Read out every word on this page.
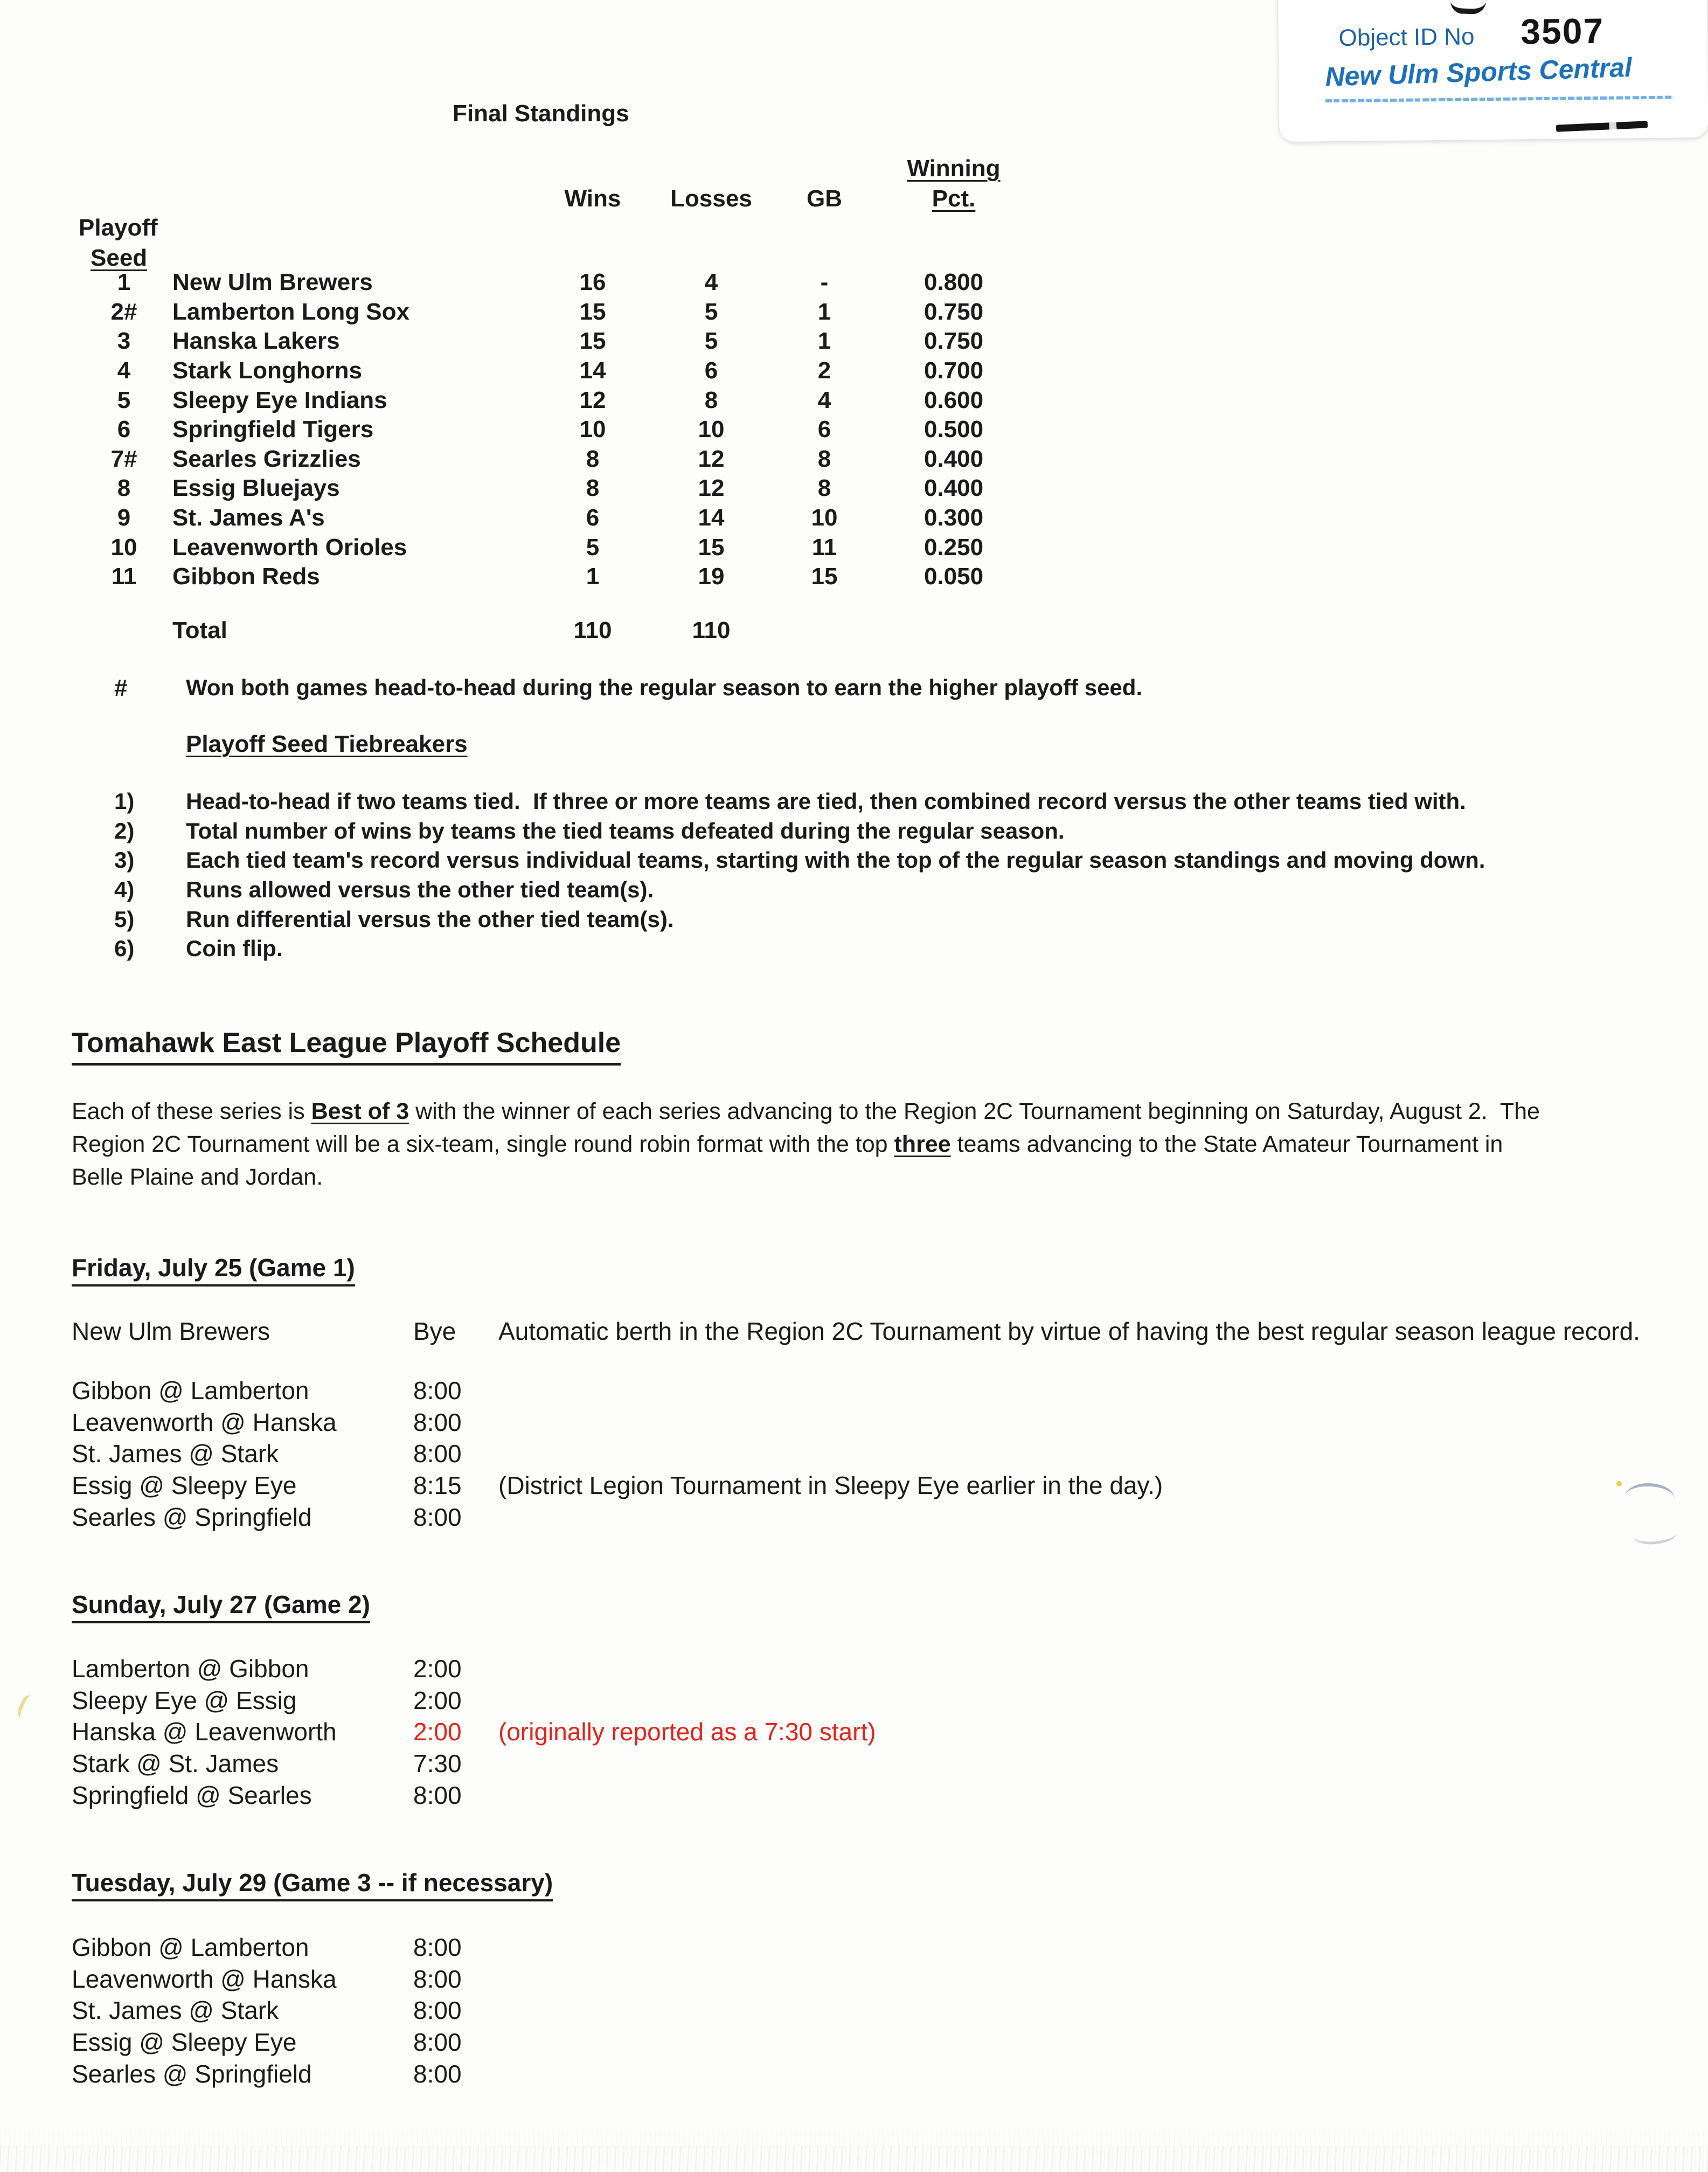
Object ID No 3507
New Ulm Sports Central
Final Standings
Winning
Wins	Losses	GB	Pct.
Playoff
Seed
1	New Ulm Brewers	16	4	-	0.800
2#	Lamberton Long Sox	15	5	1	0.750
3	Hanska Lakers	15	5	1	0.750
4	Stark Longhorns	14	6	2	0.700
5	Sleepy Eye Indians	12	8	4	0.600
6	Springfield Tigers	10	10	6	0.500
7#	Searles Grizzlies	8	12	8	0.400
8	Essig Bluejays	8	12	8	0.400
9	St. James A's	6	14	10	0.300
10	Leavenworth Orioles	5	15	11	0.250
11	Gibbon Reds	1	19	15	0.050
Total	110	110
#	Won both games head-to-head during the regular season to earn the higher playoff seed.
Playoff Seed Tiebreakers
1)	Head-to-head if two teams tied.  If three or more teams are tied, then combined record versus the other teams tied with.
2)	Total number of wins by teams the tied teams defeated during the regular season.
3)	Each tied team's record versus individual teams, starting with the top of the regular season standings and moving down.
4)	Runs allowed versus the other tied team(s).
5)	Run differential versus the other tied team(s).
6)	Coin flip.
Tomahawk East League Playoff Schedule
Each of these series is Best of 3 with the winner of each series advancing to the Region 2C Tournament beginning on Saturday, August 2.  The
Region 2C Tournament will be a six-team, single round robin format with the top three teams advancing to the State Amateur Tournament in
Belle Plaine and Jordan.
Friday, July 25 (Game 1)
New Ulm Brewers	Bye	Automatic berth in the Region 2C Tournament by virtue of having the best regular season league record.
Gibbon @ Lamberton	8:00
Leavenworth @ Hanska	8:00
St. James @ Stark	8:00
Essig @ Sleepy Eye	8:15	(District Legion Tournament in Sleepy Eye earlier in the day.)
Searles @ Springfield	8:00
Sunday, July 27 (Game 2)
Lamberton @ Gibbon	2:00
Sleepy Eye @ Essig	2:00
Hanska @ Leavenworth	2:00	(originally reported as a 7:30 start)
Stark @ St. James	7:30
Springfield @ Searles	8:00
Tuesday, July 29 (Game 3 -- if necessary)
Gibbon @ Lamberton	8:00
Leavenworth @ Hanska	8:00
St. James @ Stark	8:00
Essig @ Sleepy Eye	8:00
Searles @ Springfield	8:00
